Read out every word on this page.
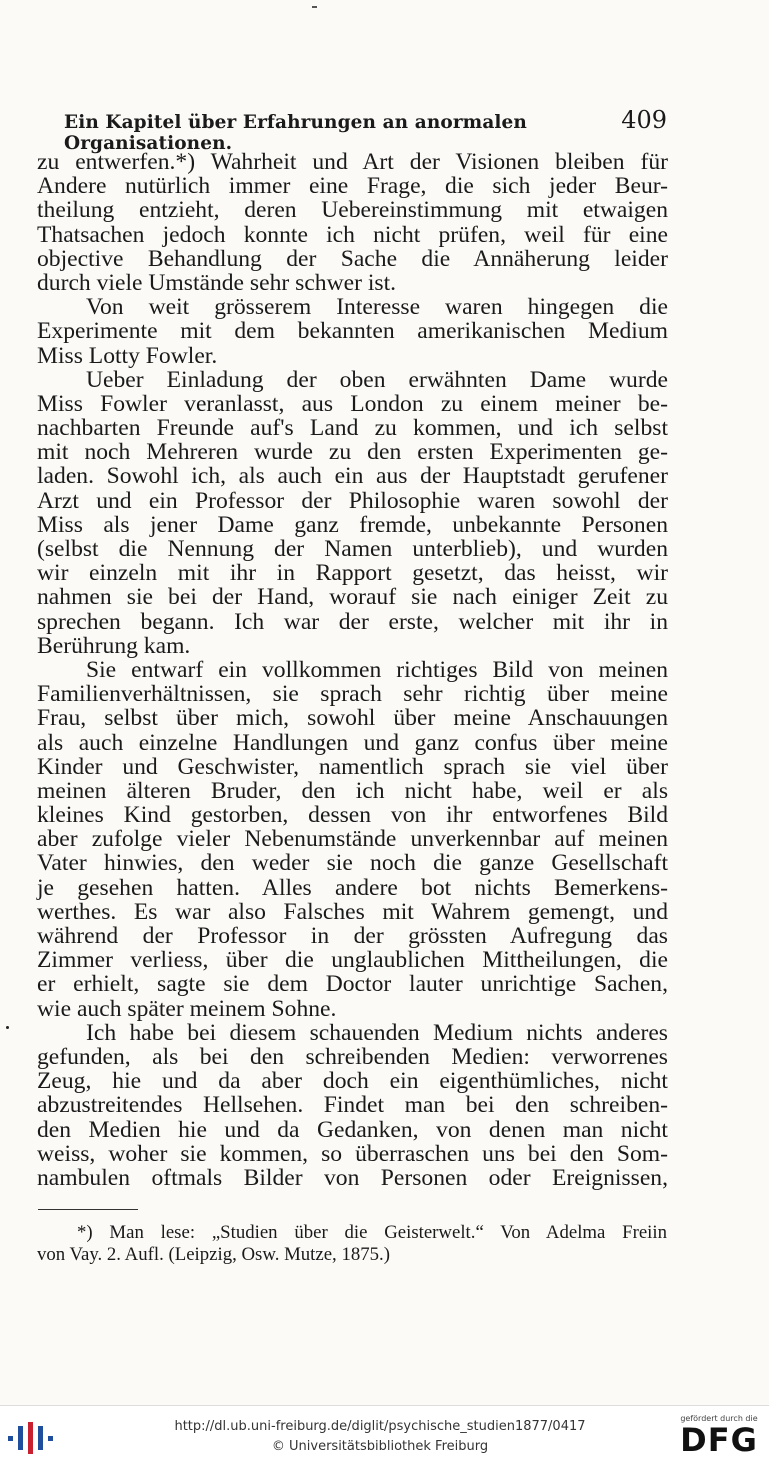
Ein Kapitel über Erfahrungen an anormalen Organisationen.
409
zu entwerfen.*) Wahrheit und Art der Visionen bleiben für
Andere nutürlich immer eine Frage, die sich jeder Beur-
theilung entzieht, deren Uebereinstimmung mit etwaigen
Thatsachen jedoch konnte ich nicht prüfen, weil für eine
objective Behandlung der Sache die Annäherung leider
durch viele Umstände sehr schwer ist.
Von weit grösserem Interesse waren hingegen die
Experimente mit dem bekannten amerikanischen Medium
Miss Lotty Fowler.
Ueber Einladung der oben erwähnten Dame wurde
Miss Fowler veranlasst, aus London zu einem meiner be-
nachbarten Freunde auf's Land zu kommen, und ich selbst
mit noch Mehreren wurde zu den ersten Experimenten ge-
laden. Sowohl ich, als auch ein aus der Hauptstadt gerufener
Arzt und ein Professor der Philosophie waren sowohl der
Miss als jener Dame ganz fremde, unbekannte Personen
(selbst die Nennung der Namen unterblieb), und wurden
wir einzeln mit ihr in Rapport gesetzt, das heisst, wir
nahmen sie bei der Hand, worauf sie nach einiger Zeit zu
sprechen begann. Ich war der erste, welcher mit ihr in
Berührung kam.
Sie entwarf ein vollkommen richtiges Bild von meinen
Familienverhältnissen, sie sprach sehr richtig über meine
Frau, selbst über mich, sowohl über meine Anschauungen
als auch einzelne Handlungen und ganz confus über meine
Kinder und Geschwister, namentlich sprach sie viel über
meinen älteren Bruder, den ich nicht habe, weil er als
kleines Kind gestorben, dessen von ihr entworfenes Bild
aber zufolge vieler Nebenumstände unverkennbar auf meinen
Vater hinwies, den weder sie noch die ganze Gesellschaft
je gesehen hatten. Alles andere bot nichts Bemerkens-
werthes. Es war also Falsches mit Wahrem gemengt, und
während der Professor in der grössten Aufregung das
Zimmer verliess, über die unglaublichen Mittheilungen, die
er erhielt, sagte sie dem Doctor lauter unrichtige Sachen,
wie auch später meinem Sohne.
Ich habe bei diesem schauenden Medium nichts anderes
gefunden, als bei den schreibenden Medien: verworrenes
Zeug, hie und da aber doch ein eigenthümliches, nicht
abzustreitendes Hellsehen. Findet man bei den schreiben-
den Medien hie und da Gedanken, von denen man nicht
weiss, woher sie kommen, so überraschen uns bei den Som-
nambulen oftmals Bilder von Personen oder Ereignissen,
*) Man lese: „Studien über die Geisterwelt.“ Von Adelma Freiin
von Vay. 2. Aufl. (Leipzig, Osw. Mutze, 1875.)
http://dl.ub.uni-freiburg.de/diglit/psychische_studien1877/0417
© Universitätsbibliothek Freiburg
gefördert durch die
DFG
